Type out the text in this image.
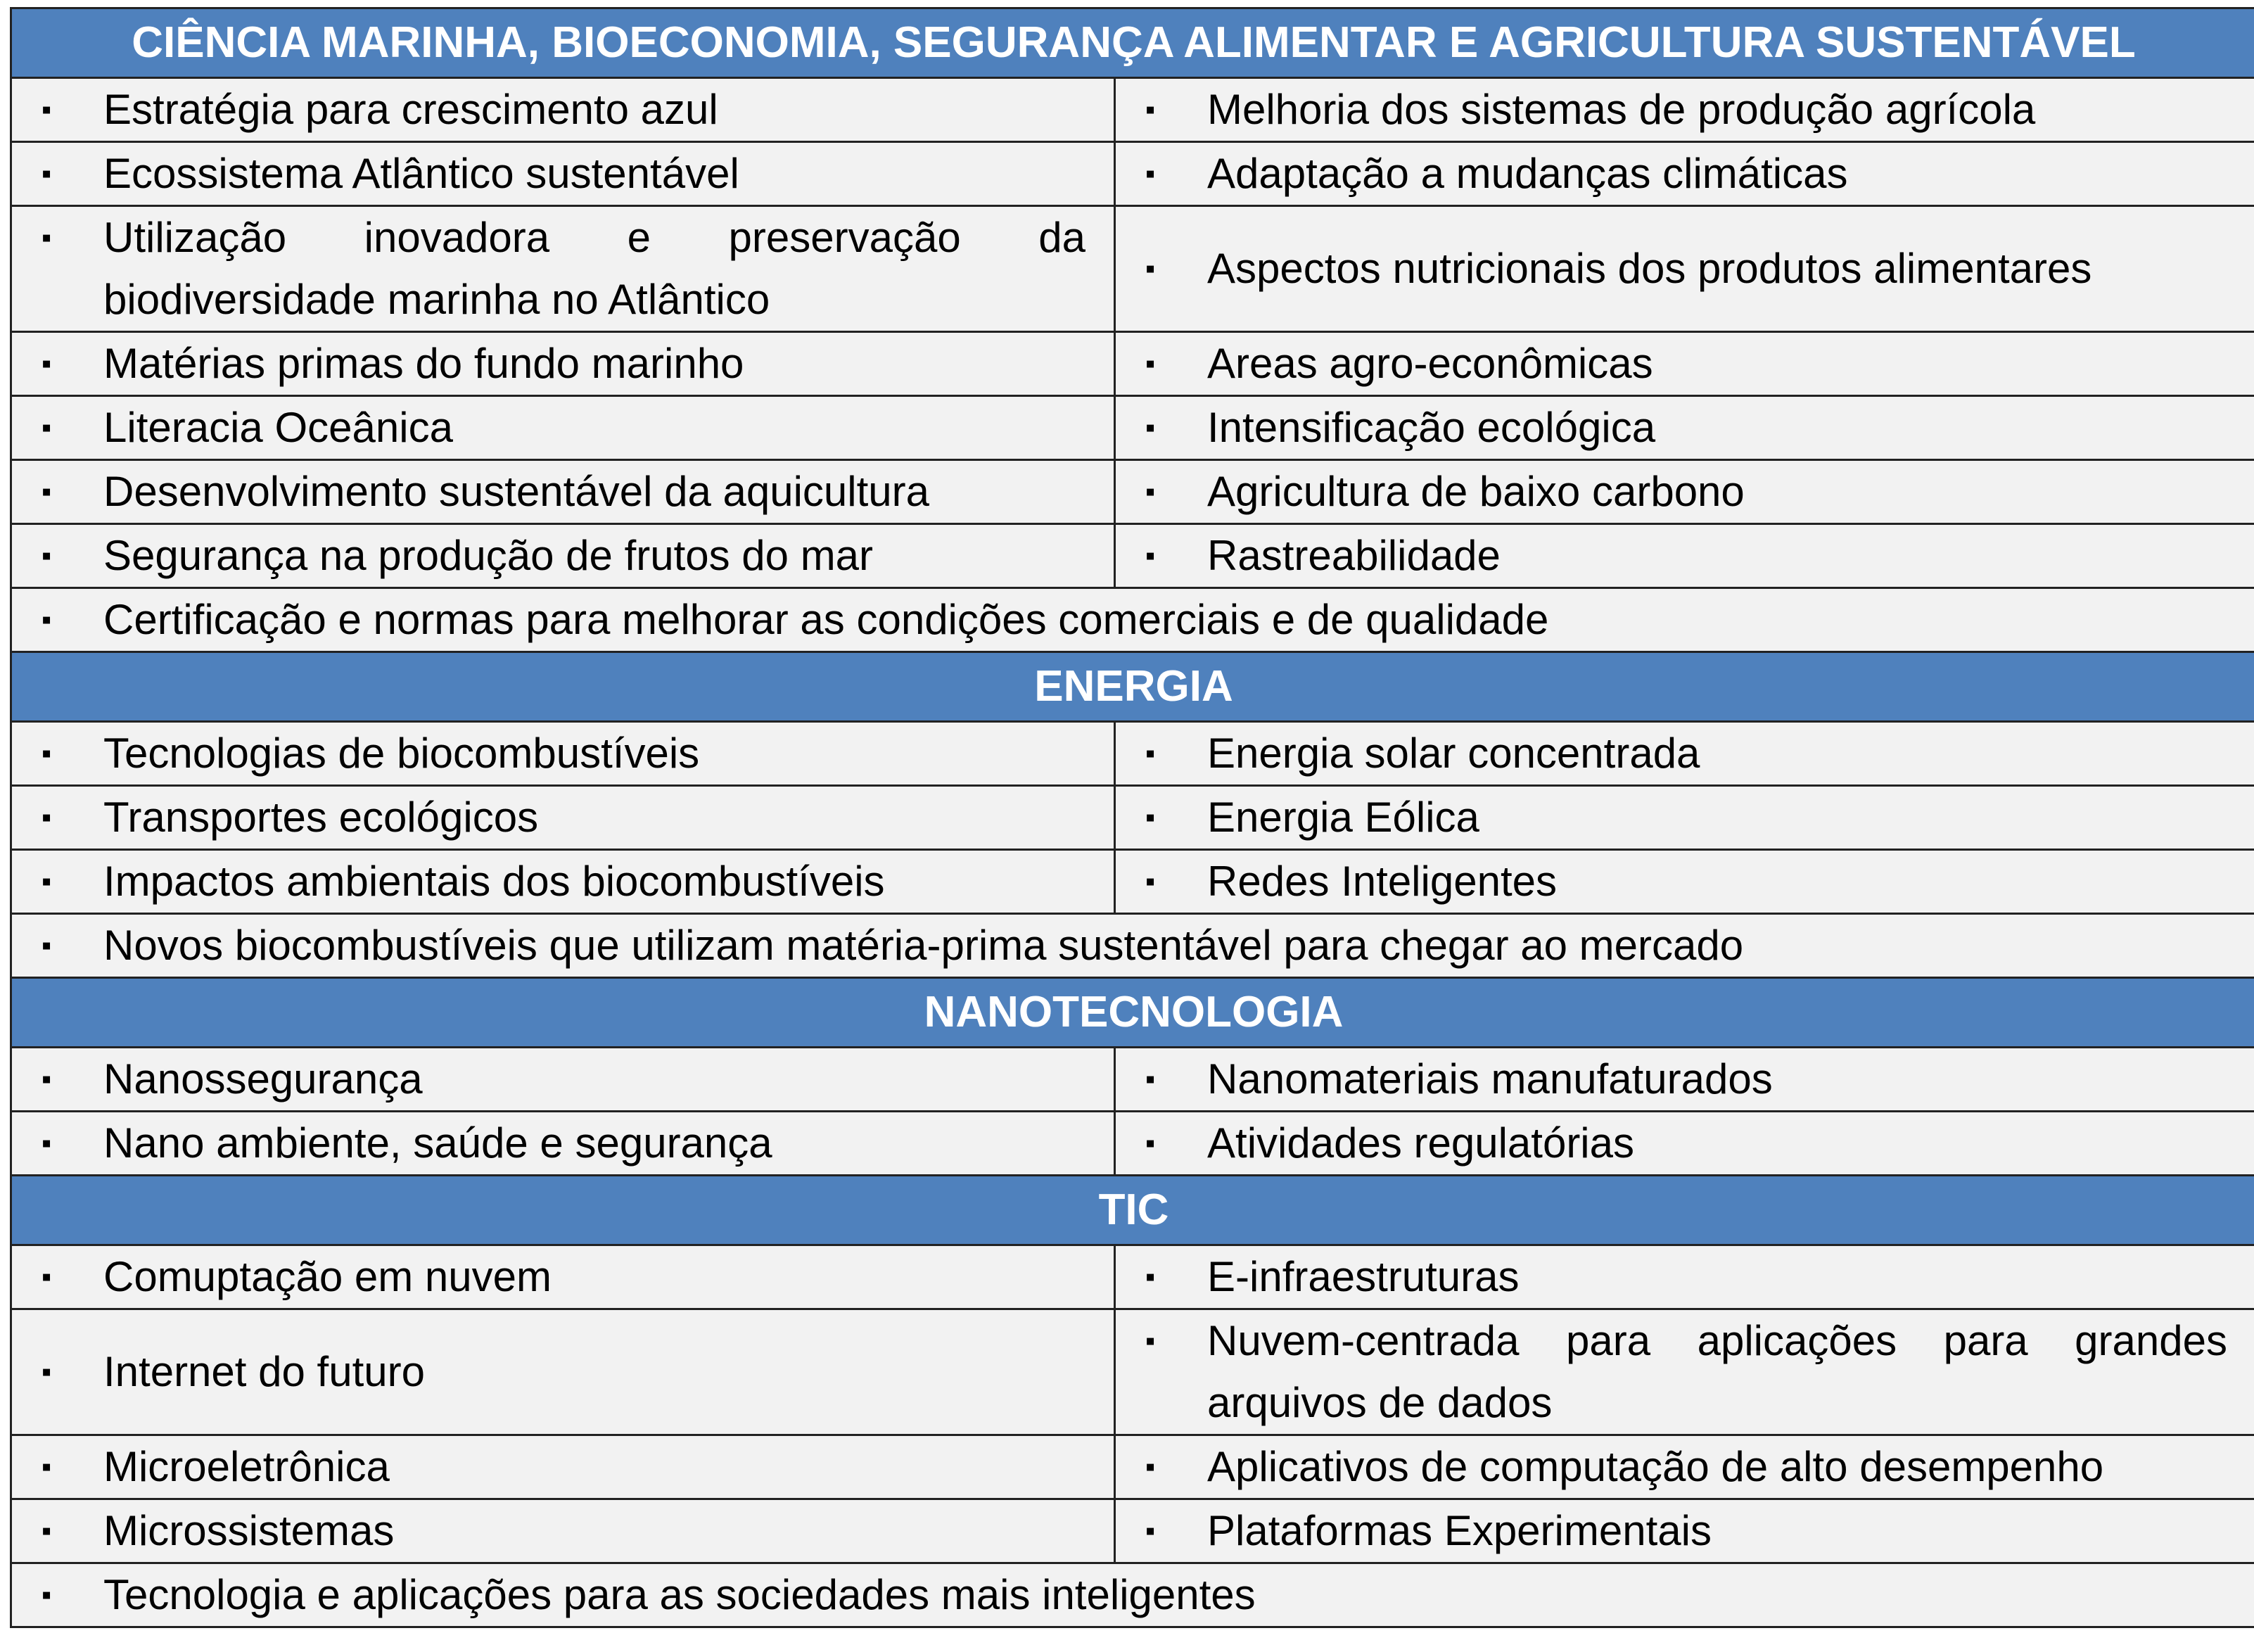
CIÊNCIA MARINHA, BIOECONOMIA, SEGURANÇA ALIMENTAR E AGRICULTURA SUSTENTÁVEL	

▪ Estratégia para crescimento azul	▪ Melhoria dos sistemas de produção agrícola

▪ Ecossistema Atlântico sustentável	▪ Adaptação a mudanças climáticas

▪ Utilização inovadora e preservação da biodiversidade marinha no Atlântico	▪ Aspectos nutricionais dos produtos alimentares

▪ Matérias primas do fundo marinho	▪ Areas agro-econômicas

▪ Literacia Oceânica	▪ Intensificação ecológica

▪ Desenvolvimento sustentável da aquicultura	▪ Agricultura de baixo carbono

▪ Segurança na produção de frutos do mar	▪ Rastreabilidade

▪ Certificação e normas para melhorar as condições comerciais e de qualidade	

ENERGIA	

▪ Tecnologias de biocombustíveis	▪ Energia solar concentrada

▪ Transportes ecológicos	▪ Energia Eólica

▪ Impactos ambientais dos biocombustíveis	▪ Redes Inteligentes

▪ Novos biocombustíveis que utilizam matéria-prima sustentável para chegar ao mercado	

NANOTECNOLOGIA	

▪ Nanossegurança	▪ Nanomateriais manufaturados

▪ Nano ambiente, saúde e segurança	▪ Atividades regulatórias

TIC	

▪ Comuptação em nuvem	▪ E-infraestruturas

▪ Internet do futuro	▪ Nuvem-centrada para aplicações para grandes arquivos de dados

▪ Microeletrônica	▪ Aplicativos de computação de alto desempenho

▪ Microssistemas	▪ Plataformas Experimentais

▪ Tecnologia e aplicações para as sociedades mais inteligentes	
